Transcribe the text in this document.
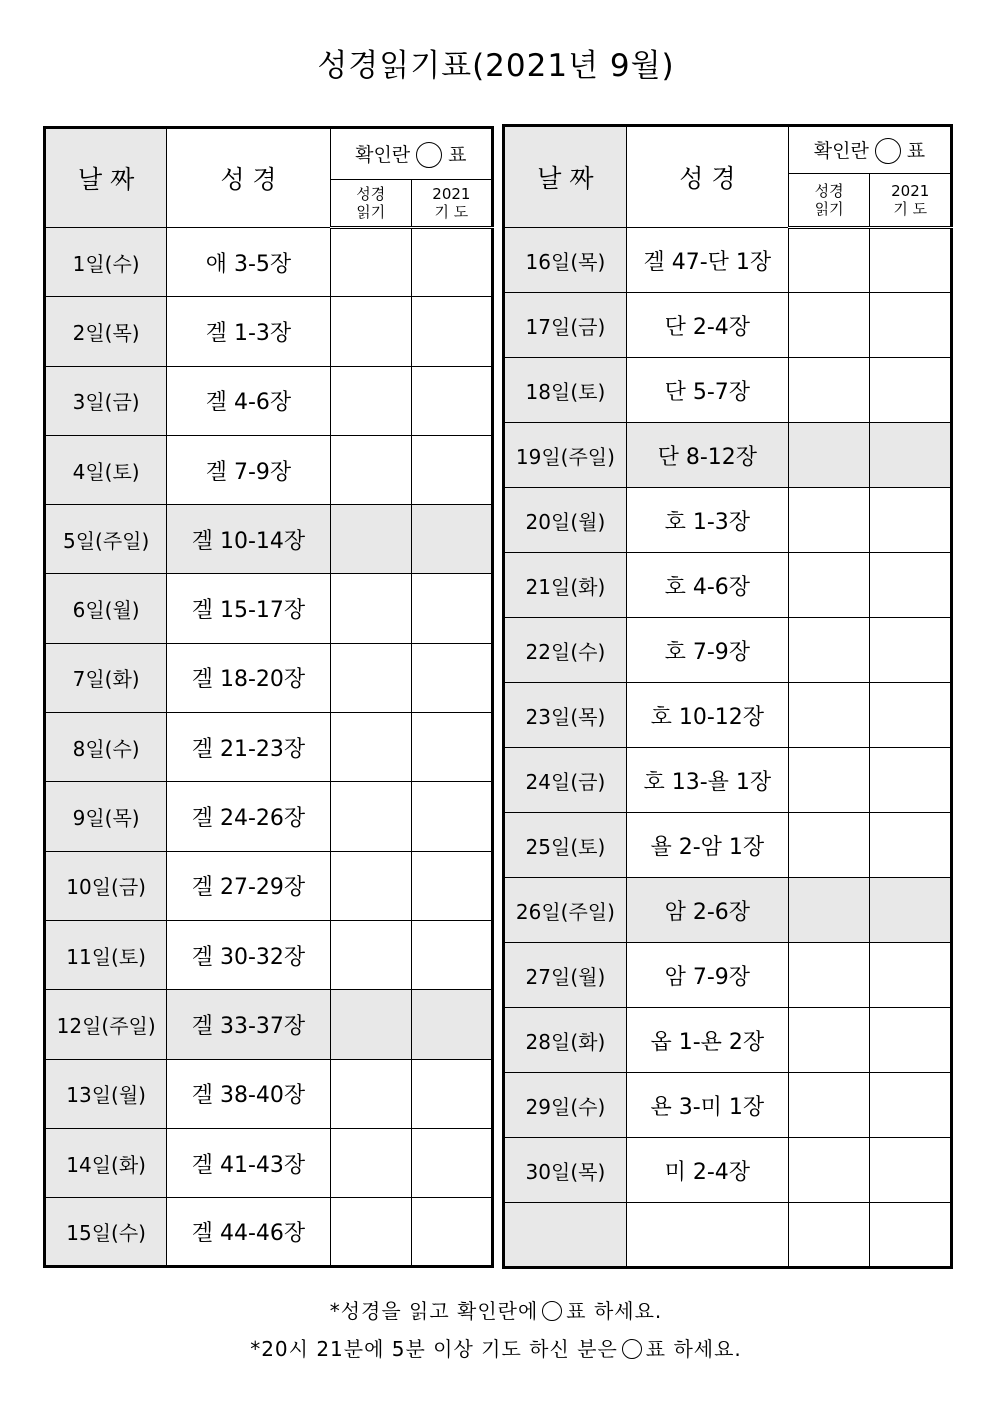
성경읽기표(2021년 9월)
날 짜	성 경	확인란 표	
		성경
읽기	2021
기 도
1일(수)	애 3-5장		
2일(목)	겔 1-3장		
3일(금)	겔 4-6장		
4일(토)	겔 7-9장		
5일(주일)	겔 10-14장		
6일(월)	겔 15-17장		
7일(화)	겔 18-20장		
8일(수)	겔 21-23장		
9일(목)	겔 24-26장		
10일(금)	겔 27-29장		
11일(토)	겔 30-32장		
12일(주일)	겔 33-37장		
13일(월)	겔 38-40장		
14일(화)	겔 41-43장		
15일(수)	겔 44-46장		
날 짜	성 경	확인란 표	
		성경
읽기	2021
기 도
16일(목)	겔 47-단 1장		
17일(금)	단 2-4장		
18일(토)	단 5-7장		
19일(주일)	단 8-12장		
20일(월)	호 1-3장		
21일(화)	호 4-6장		
22일(수)	호 7-9장		
23일(목)	호 10-12장		
24일(금)	호 13-욜 1장		
25일(토)	욜 2-암 1장		
26일(주일)	암 2-6장		
27일(월)	암 7-9장		
28일(화)	옵 1-욘 2장		
29일(수)	욘 3-미 1장		
30일(목)	미 2-4장		

*성경을 읽고 확인란에 표 하세요.
*20시 21분에 5분 이상 기도 하신 분은 표 하세요.
